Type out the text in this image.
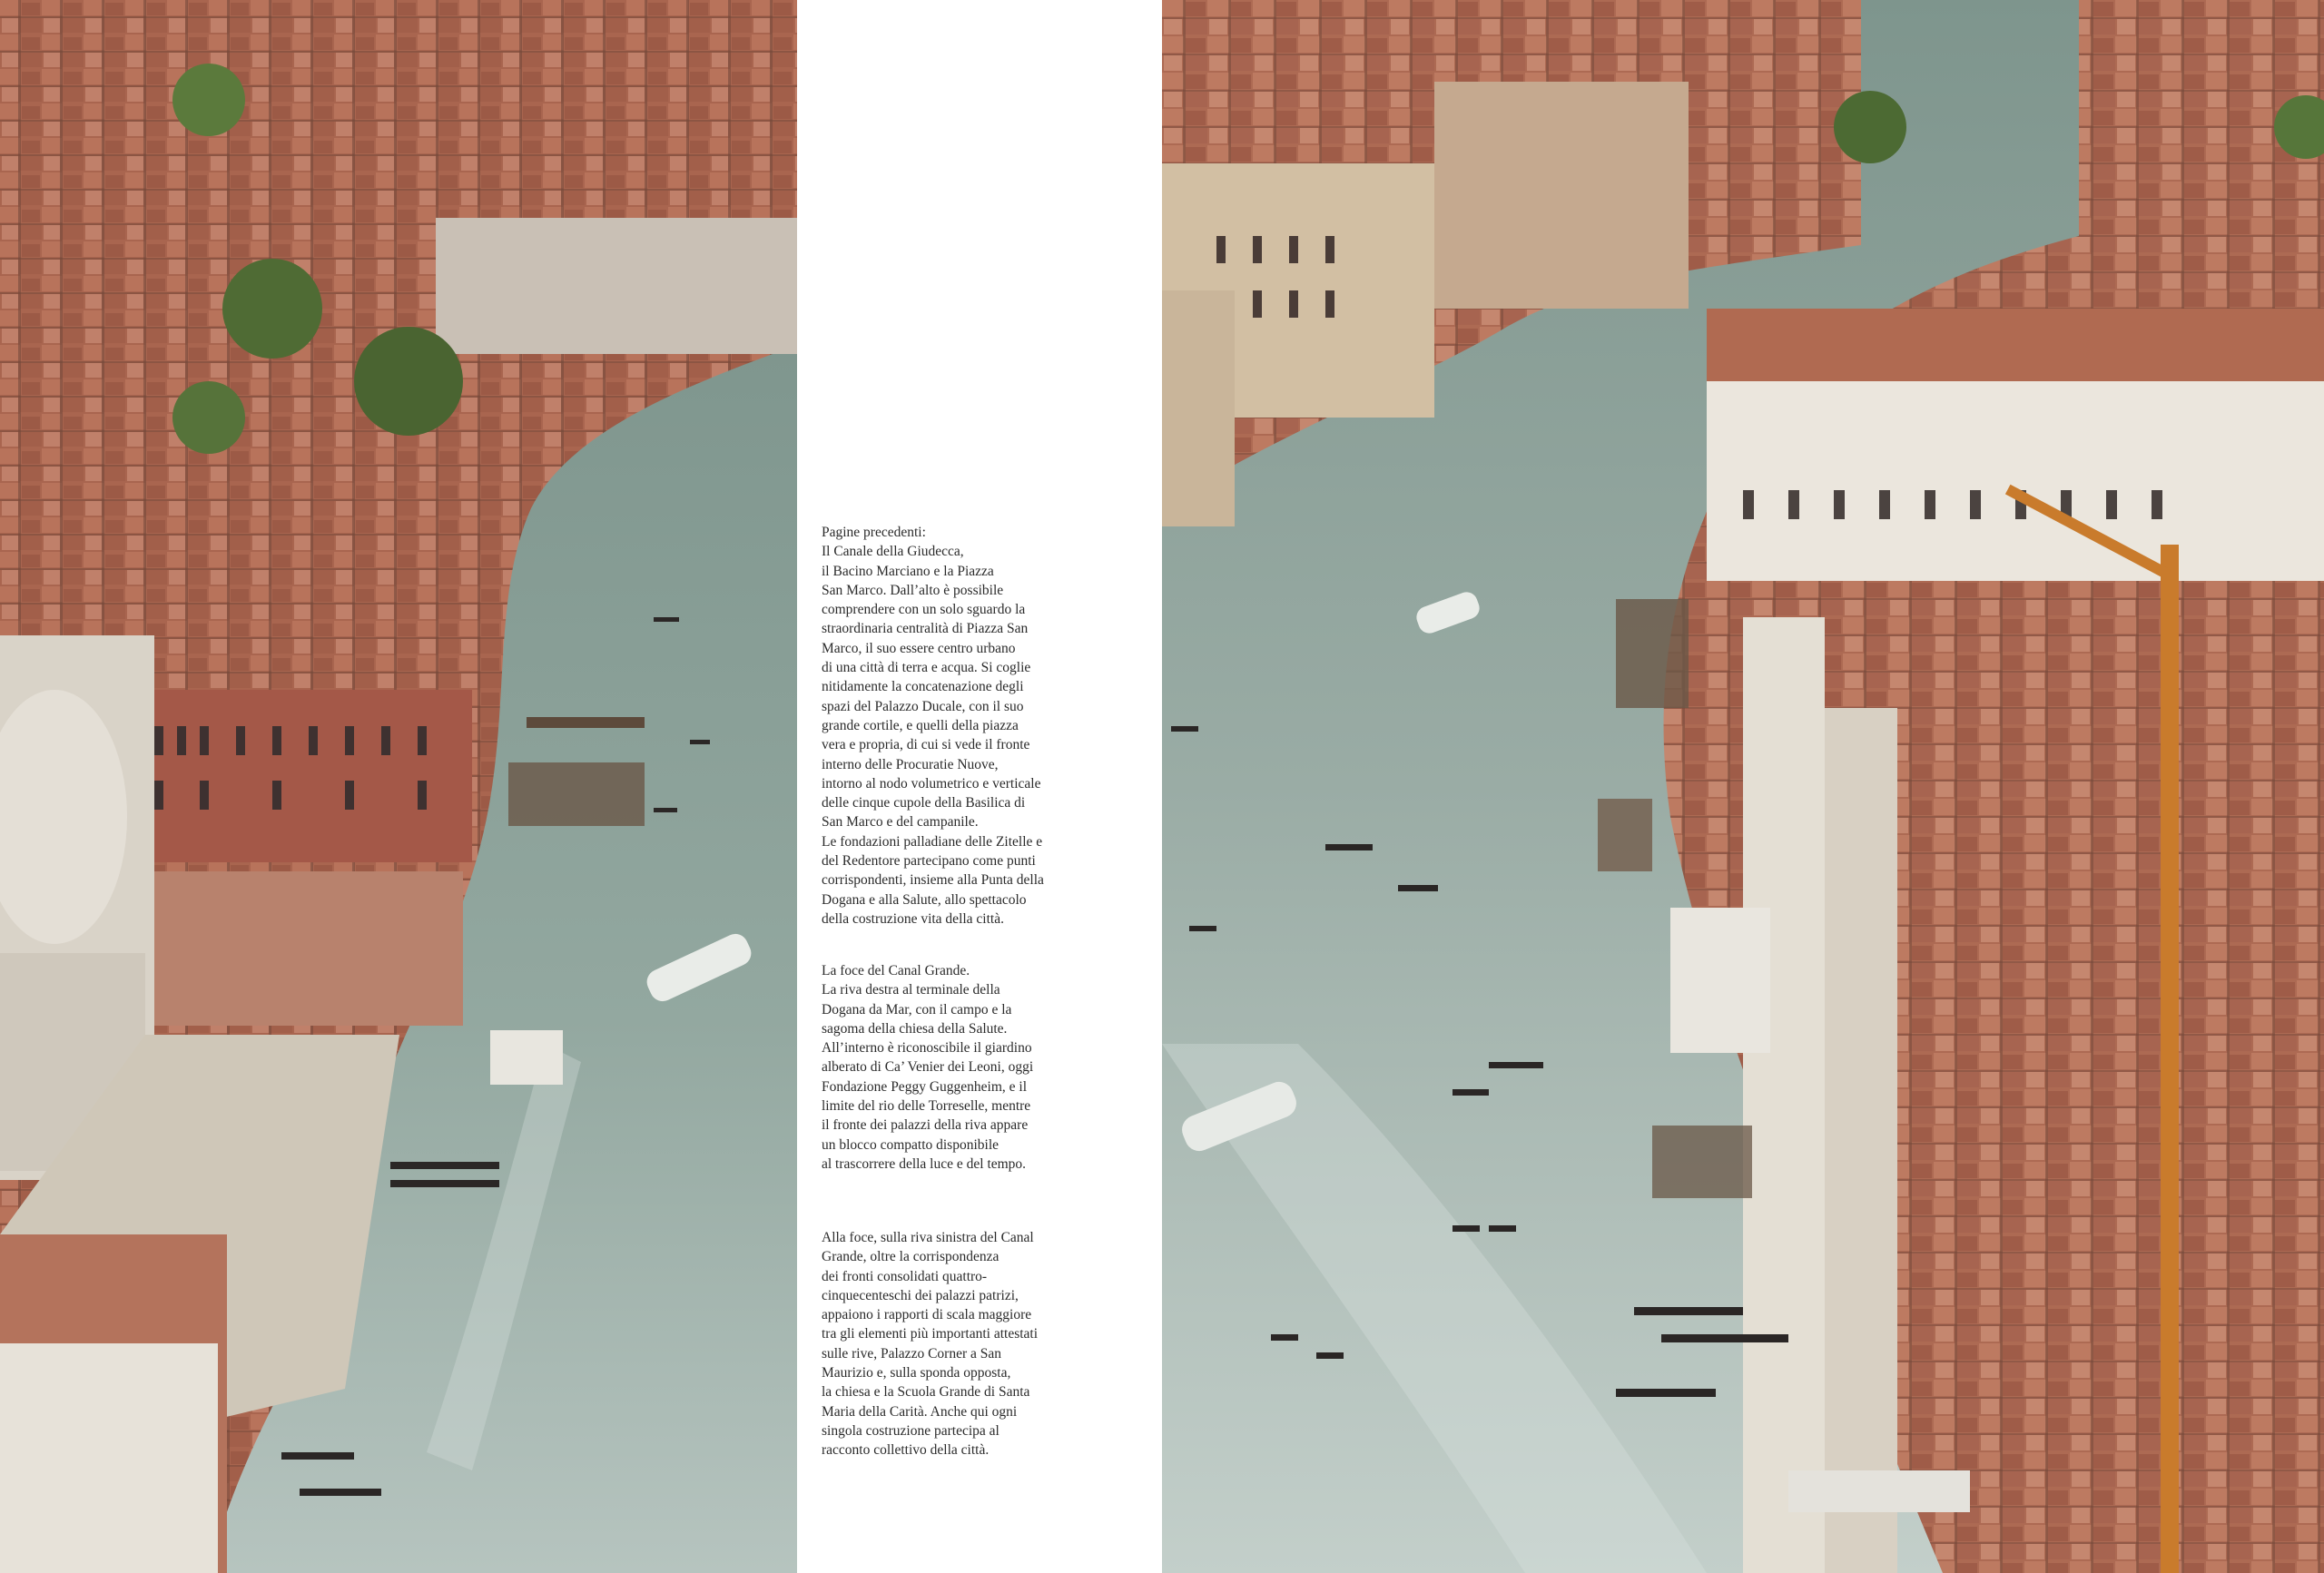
Pagine precedenti:
Il Canale della Giudecca,
il Bacino Marciano e la Piazza
San Marco. Dall’alto è possibile
comprendere con un solo sguardo la
straordinaria centralità di Piazza San
Marco, il suo essere centro urbano
di una città di terra e acqua. Si coglie
nitidamente la concatenazione degli
spazi del Palazzo Ducale, con il suo
grande cortile, e quelli della piazza
vera e propria, di cui si vede il fronte
interno delle Procuratie Nuove,
intorno al nodo volumetrico e verticale
delle cinque cupole della Basilica di
San Marco e del campanile.
Le fondazioni palladiane delle Zitelle e
del Redentore partecipano come punti
corrispondenti, insieme alla Punta della
Dogana e alla Salute, allo spettacolo
della costruzione vita della città.

La foce del Canal Grande.
La riva destra al terminale della
Dogana da Mar, con il campo e la
sagoma della chiesa della Salute.
All’interno è riconoscibile il giardino
alberato di Ca’ Venier dei Leoni, oggi
Fondazione Peggy Guggenheim, e il
limite del rio delle Torreselle, mentre
il fronte dei palazzi della riva appare
un blocco compatto disponibile
al trascorrere della luce e del tempo.

Alla foce, sulla riva sinistra del Canal
Grande, oltre la corrispondenza
dei fronti consolidati quattro-
cinquecenteschi dei palazzi patrizi,
appaiono i rapporti di scala maggiore
tra gli elementi più importanti attestati
sulle rive, Palazzo Corner a San
Maurizio e, sulla sponda opposta,
la chiesa e la Scuola Grande di Santa
Maria della Carità. Anche qui ogni
singola costruzione partecipa al
racconto collettivo della città.
